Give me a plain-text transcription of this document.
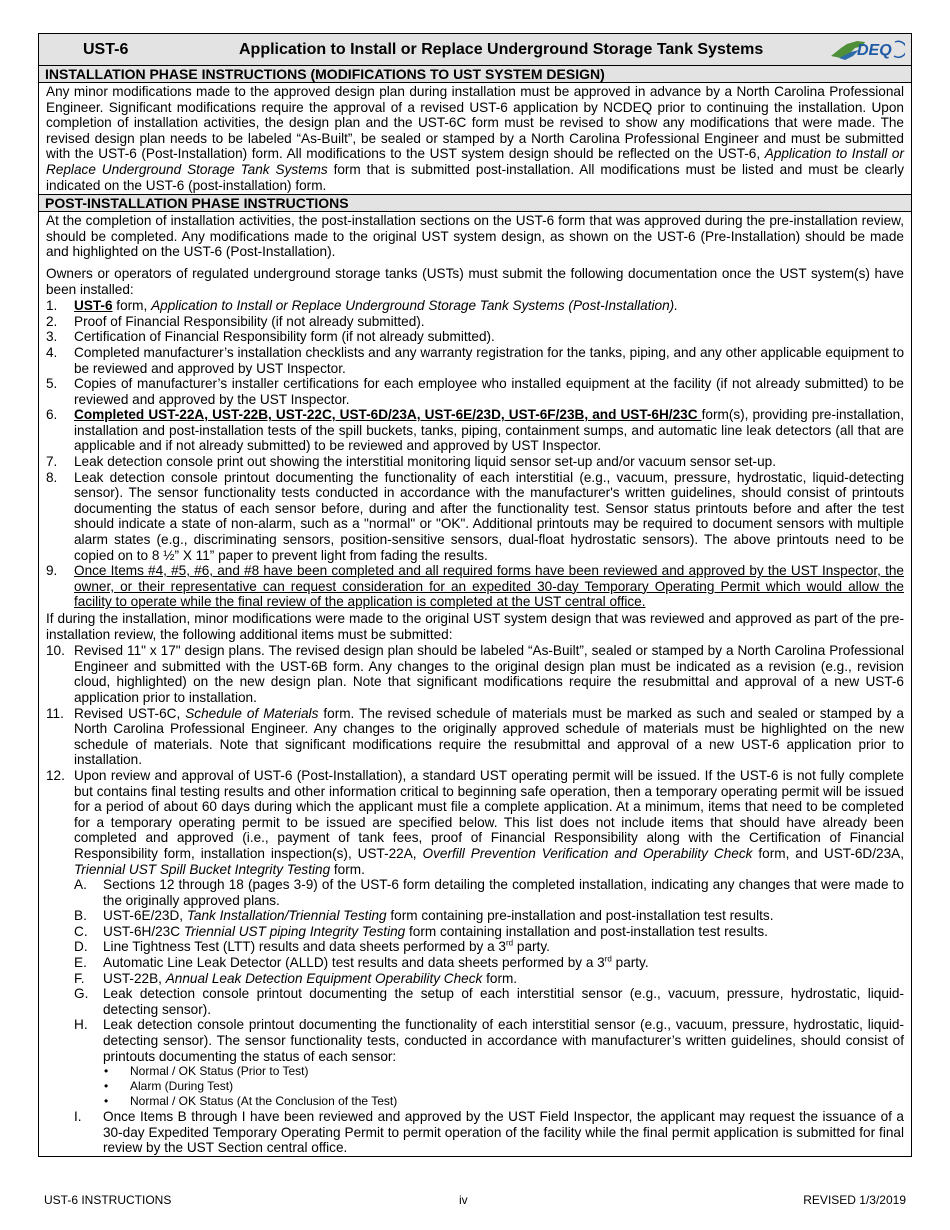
UST-6	Application to Install or Replace Underground Storage Tank Systems	DEQ
INSTALLATION PHASE INSTRUCTIONS (MODIFICATIONS TO UST SYSTEM DESIGN)
Any minor modifications made to the approved design plan during installation must be approved in advance by a North Carolina Professional Engineer. Significant modifications require the approval of a revised UST-6 application by NCDEQ prior to continuing the installation. Upon completion of installation activities, the design plan and the UST-6C form must be revised to show any modifications that were made. The revised design plan needs to be labeled “As-Built”, be sealed or stamped by a North Carolina Professional Engineer and must be submitted with the UST-6 (Post-Installation) form. All modifications to the UST system design should be reflected on the UST-6, Application to Install or Replace Underground Storage Tank Systems form that is submitted post-installation. All modifications must be listed and must be clearly indicated on the UST-6 (post-installation) form.
POST-INSTALLATION PHASE INSTRUCTIONS
At the completion of installation activities, the post-installation sections on the UST-6 form that was approved during the pre-installation review, should be completed. Any modifications made to the original UST system design, as shown on the UST-6 (Pre-Installation) should be made and highlighted on the UST-6 (Post-Installation).
Owners or operators of regulated underground storage tanks (USTs) must submit the following documentation once the UST system(s) have been installed:
1. UST-6 form, Application to Install or Replace Underground Storage Tank Systems (Post-Installation).
2. Proof of Financial Responsibility (if not already submitted).
3. Certification of Financial Responsibility form (if not already submitted).
4. Completed manufacturer’s installation checklists and any warranty registration for the tanks, piping, and any other applicable equipment to be reviewed and approved by UST Inspector.
5. Copies of manufacturer’s installer certifications for each employee who installed equipment at the facility (if not already submitted) to be reviewed and approved by the UST Inspector.
6. Completed UST-22A, UST-22B, UST-22C, UST-6D/23A, UST-6E/23D, UST-6F/23B, and UST-6H/23C form(s), providing pre-installation, installation and post-installation tests of the spill buckets, tanks, piping, containment sumps, and automatic line leak detectors (all that are applicable and if not already submitted) to be reviewed and approved by UST Inspector.
7. Leak detection console print out showing the interstitial monitoring liquid sensor set-up and/or vacuum sensor set-up.
8. Leak detection console printout documenting the functionality of each interstitial (e.g., vacuum, pressure, hydrostatic, liquid-detecting sensor). The sensor functionality tests conducted in accordance with the manufacturer's written guidelines, should consist of printouts documenting the status of each sensor before, during and after the functionality test. Sensor status printouts before and after the test should indicate a state of non-alarm, such as a "normal" or "OK". Additional printouts may be required to document sensors with multiple alarm states (e.g., discriminating sensors, position-sensitive sensors, dual-float hydrostatic sensors). The above printouts need to be copied on to 8 ½” X 11” paper to prevent light from fading the results.
9. Once Items #4, #5, #6, and #8 have been completed and all required forms have been reviewed and approved by the UST Inspector, the owner, or their representative can request consideration for an expedited 30-day Temporary Operating Permit which would allow the facility to operate while the final review of the application is completed at the UST central office.
If during the installation, minor modifications were made to the original UST system design that was reviewed and approved as part of the pre-installation review, the following additional items must be submitted:
10. Revised 11" x 17" design plans. The revised design plan should be labeled “As-Built”, sealed or stamped by a North Carolina Professional Engineer and submitted with the UST-6B form. Any changes to the original design plan must be indicated as a revision (e.g., revision cloud, highlighted) on the new design plan. Note that significant modifications require the resubmittal and approval of a new UST-6 application prior to installation.
11. Revised UST-6C, Schedule of Materials form. The revised schedule of materials must be marked as such and sealed or stamped by a North Carolina Professional Engineer. Any changes to the originally approved schedule of materials must be highlighted on the new schedule of materials. Note that significant modifications require the resubmittal and approval of a new UST-6 application prior to installation.
12. Upon review and approval of UST-6 (Post-Installation), a standard UST operating permit will be issued. If the UST-6 is not fully complete but contains final testing results and other information critical to beginning safe operation, then a temporary operating permit will be issued for a period of about 60 days during which the applicant must file a complete application. At a minimum, items that need to be completed for a temporary operating permit to be issued are specified below. This list does not include items that should have already been completed and approved (i.e., payment of tank fees, proof of Financial Responsibility along with the Certification of Financial Responsibility form, installation inspection(s), UST-22A, Overfill Prevention Verification and Operability Check form, and UST-6D/23A, Triennial UST Spill Bucket Integrity Testing form.
A. Sections 12 through 18 (pages 3-9) of the UST-6 form detailing the completed installation, indicating any changes that were made to the originally approved plans.
B. UST-6E/23D, Tank Installation/Triennial Testing form containing pre-installation and post-installation test results.
C. UST-6H/23C Triennial UST piping Integrity Testing form containing installation and post-installation test results.
D. Line Tightness Test (LTT) results and data sheets performed by a 3rd party.
E. Automatic Line Leak Detector (ALLD) test results and data sheets performed by a 3rd party.
F. UST-22B, Annual Leak Detection Equipment Operability Check form.
G. Leak detection console printout documenting the setup of each interstitial sensor (e.g., vacuum, pressure, hydrostatic, liquid-detecting sensor).
H. Leak detection console printout documenting the functionality of each interstitial sensor (e.g., vacuum, pressure, hydrostatic, liquid-detecting sensor). The sensor functionality tests, conducted in accordance with manufacturer’s written guidelines, should consist of printouts documenting the status of each sensor:
• Normal / OK Status (Prior to Test)
• Alarm (During Test)
• Normal / OK Status (At the Conclusion of the Test)
I. Once Items B through I have been reviewed and approved by the UST Field Inspector, the applicant may request the issuance of a 30-day Expedited Temporary Operating Permit to permit operation of the facility while the final permit application is submitted for final review by the UST Section central office.
UST-6 INSTRUCTIONS	iv	REVISED 1/3/2019
